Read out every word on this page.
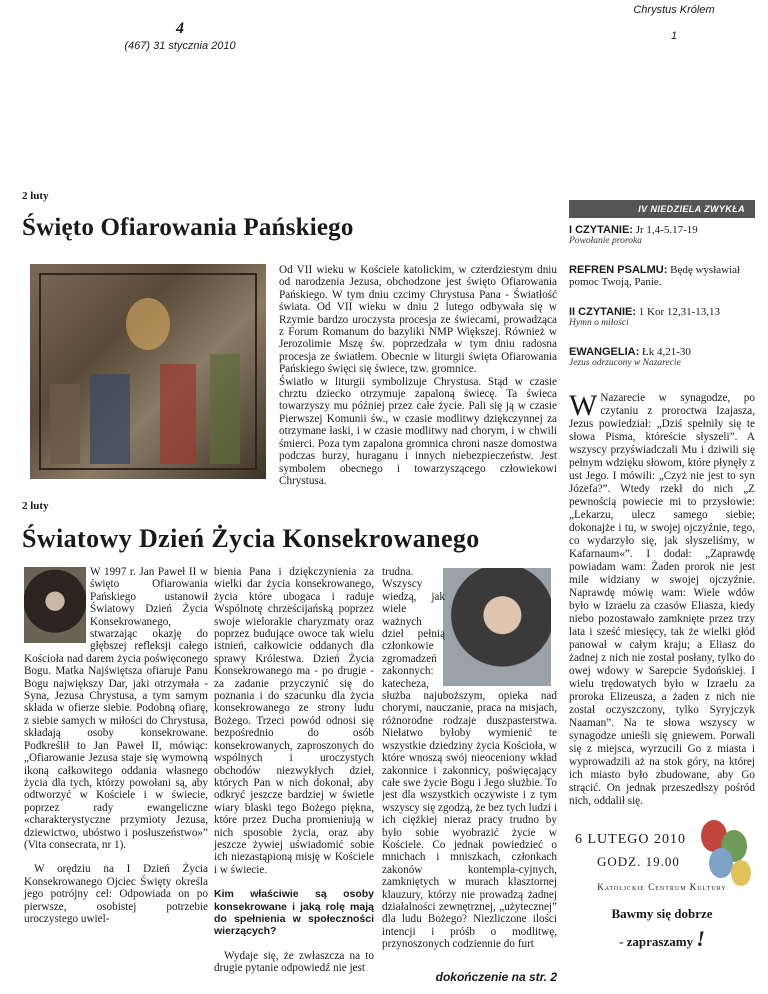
4
(467) 31 stycznia 2010
Chrystus Królem
1
2 luty
Święto Ofiarowania Pańskiego

Od VII wieku w Kościele katolickim, w czterdziestym dniu od narodzenia Jezusa, obchodzone jest święto Ofiarowania Pańskiego. W tym dniu czcimy Chrystusa Pana - Światłość świata. Od VII wieku w dniu 2 lutego odbywała się w Rzymie bardzo uroczysta procesja ze świecami, prowadząca z Forum Romanum do bazyliki NMP Większej. Również w Jerozolimie Mszę św. poprzedzała w tym dniu radosna procesja ze światłem. Obecnie w liturgii święta Ofiarowania Pańskiego święci się świece, tzw. gromnice.

Światło w liturgii symbolizuje Chrystusa. Stąd w czasie chrztu dziecko otrzymuje zapaloną świecę. Ta świeca towarzyszy mu później przez całe życie. Pali się ją w czasie Pierwszej Komunii św., w czasie modlitwy dziękczynnej za otrzymane łaski, i w czasie modlitwy nad chorym, i w chwili śmierci. Poza tym zapalona gromnica chroni nasze domostwa podczas burzy, huraganu i innych niebezpieczeństw. Jest symbolem obecnego i towarzyszącego człowiekowi Chrystusa.

2 luty
Światowy Dzień Życia Konsekrowanego

W 1997 r. Jan Paweł II w święto Ofiarowania Pańskiego ustanowił Światowy Dzień Życia Konsekrowanego, stwarzając okazję do głębszej refleksji całego Kościoła nad darem życia poświęconego Bogu. Matka Najświętsza ofiaruje Panu Bogu największy Dar, jaki otrzymała - Syna, Jezusa Chrystusa, a tym samym składa w ofierze siebie. Podobną ofiarę, z siebie samych w miłości do Chrystusa, składają osoby konsekrowane. Podkreślił to Jan Paweł II, mówiąc: „Ofiarowanie Jezusa staje się wymowną ikoną całkowitego oddania własnego życia dla tych, którzy powołani są, aby odtworzyć w Kościele i w świecie, poprzez rady ewangeliczne «charakterystyczne przymioty Jezusa, dziewictwo, ubóstwo i posłuszeństwo»” (Vita consecrata, nr 1).

W orędziu na I Dzień Życia Konsekrowanego Ojciec Święty określa jego potrójny cel: Odpowiada on po pierwsze, osobistej potrzebie uroczystego uwiel-

bienia Pana i dziękczynienia za wielki dar życia konsekrowanego, życia które ubogaca i raduje Wspólnotę chrześcijańską poprzez swoje wielorakie charyzmaty oraz poprzez budujące owoce tak wielu istnień, całkowicie oddanych dla sprawy Królestwa. Dzień Życia Konsekrowanego ma - po drugie - za zadanie przyczynić się do poznania i do szacunku dla życia konsekrowanego ze strony ludu Bożego. Trzeci powód odnosi się bezpośrednio do osób konsekrowanych, zaproszonych do wspólnych i uroczystych obchodów niezwykłych dzieł, których Pan w nich dokonał, aby odkryć jeszcze bardziej w świetle wiary blaski tego Bożego piękna, które przez Ducha promieniują w nich sposobie życia, oraz aby jeszcze żywiej uświadomić sobie ich niezastąpioną misję w Kościele i w świecie.

Kim właściwie są osoby konsekrowane i jaką rolę mają do spełnienia w społeczności wierzących?

Wydaje się, że zwłaszcza na to drugie pytanie odpowiedź nie jest

trudna. Wszyscy wiedzą, jak wiele ważnych dzieł pełnią członkowie zgromadzeń zakonnych: katecheza, służba najuboższym, opieka nad chorymi, nauczanie, praca na misjach, różnorodne rodzaje duszpasterstwa. Niełatwo byłoby wymienić te wszystkie dziedziny życia Kościoła, w które wnoszą swój nieoceniony wkład zakonnice i zakonnicy, poświęcający całe swe życie Bogu i Jego służbie. To jest dla wszystkich oczywiste i z tym wszyscy się zgodzą, że bez tych ludzi i ich ciężkiej nieraz pracy trudno by było sobie wyobrazić życie w Kościele. Co jednak powiedzieć o mnichach i mniszkach, członkach zakonów kontempla-cyjnych, zamkniętych w murach klasztornej klauzury, którzy nie prowadzą żadnej działalności zewnętrznej, „użytecznej” dla ludu Bożego? Niezliczone ilości intencji i próśb o modlitwę, przynoszonych codziennie do furt

dokończenie na str. 2
IV NIEDZIELA ZWYKŁA
I CZYTANIE: Jr 1,4-5.17-19
Powołanie proroka
REFREN PSALMU: Będę wysławiał pomoc Twoją, Panie.
II CZYTANIE: 1 Kor 12,31-13,13
Hymn o miłości
EWANGELIA: Łk 4,21-30
Jezus odrzucony w Nazarecie
W Nazarecie w synagodze, po czytaniu z proroctwa Izajasza, Jezus powiedział: „Dziś spełniły się te słowa Pisma, któreście słyszeli”. A wszyscy przyświadczali Mu i dziwili się pełnym wdzięku słowom, które płynęły z ust Jego. I mówili: „Czyż nie jest to syn Józefa?”. Wtedy rzekł do nich „Z pewnością powiecie mi to przysłowie: „Lekarzu, ulecz samego siebie; dokonajże i tu, w swojej ojczyźnie, tego, co wydarzyło się, jak słyszeliśmy, w Kafarnaum«”. I dodał: „Zaprawdę powiadam wam: Żaden prorok nie jest mile widziany w swojej ojczyźnie. Naprawdę mówię wam: Wiele wdów było w Izraelu za czasów Eliasza, kiedy niebo pozostawało zamknięte przez trzy lata i sześć miesięcy, tak że wielki głód panował w całym kraju; a Eliasz do żadnej z nich nie został posłany, tylko do owej wdowy w Sarepcie Sydońskiej. I wielu trędowatych było w Izraelu za proroka Elizeusza, a żaden z nich nie został oczyszczony, tylko Syryjczyk Naaman”. Na te słowa wszyscy w synagodze unieśli się gniewem. Porwali się z miejsca, wyrzucili Go z miasta i wyprowadzili aż na stok góry, na której ich miasto było zbudowane, aby Go strącić. On jednak przeszedłszy pośród nich, oddalił się.
6 LUTEGO 2010
GODZ. 19.00
Katolickie Centrum Kultury
Bawmy się dobrze
- zapraszamy !
